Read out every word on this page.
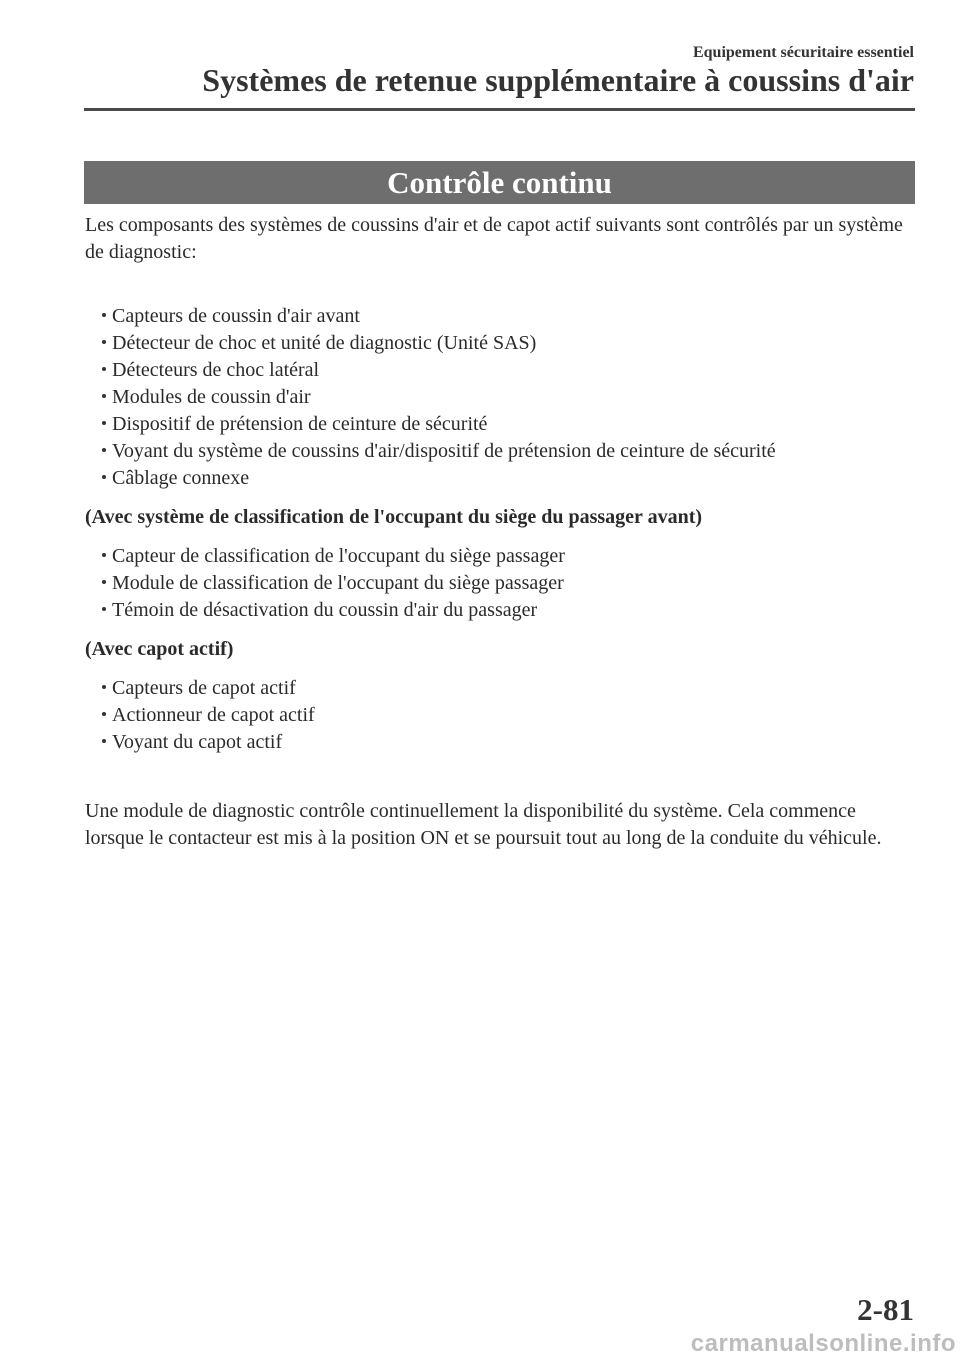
Equipement sécuritaire essentiel
Systèmes de retenue supplémentaire à coussins d'air
Contrôle continu

Les composants des systèmes de coussins d'air et de capot actif suivants sont contrôlés par un système de diagnostic:

Capteurs de coussin d'air avant
Détecteur de choc et unité de diagnostic (Unité SAS)
Détecteurs de choc latéral
Modules de coussin d'air
Dispositif de prétension de ceinture de sécurité
Voyant du système de coussins d'air/dispositif de prétension de ceinture de sécurité
Câblage connexe

(Avec système de classification de l'occupant du siège du passager avant)

Capteur de classification de l'occupant du siège passager
Module de classification de l'occupant du siège passager
Témoin de désactivation du coussin d'air du passager

(Avec capot actif)

Capteurs de capot actif
Actionneur de capot actif
Voyant du capot actif

Une module de diagnostic contrôle continuellement la disponibilité du système. Cela commence lorsque le contacteur est mis à la position ON et se poursuit tout au long de la conduite du véhicule.

2-81
carmanualsonline.info
